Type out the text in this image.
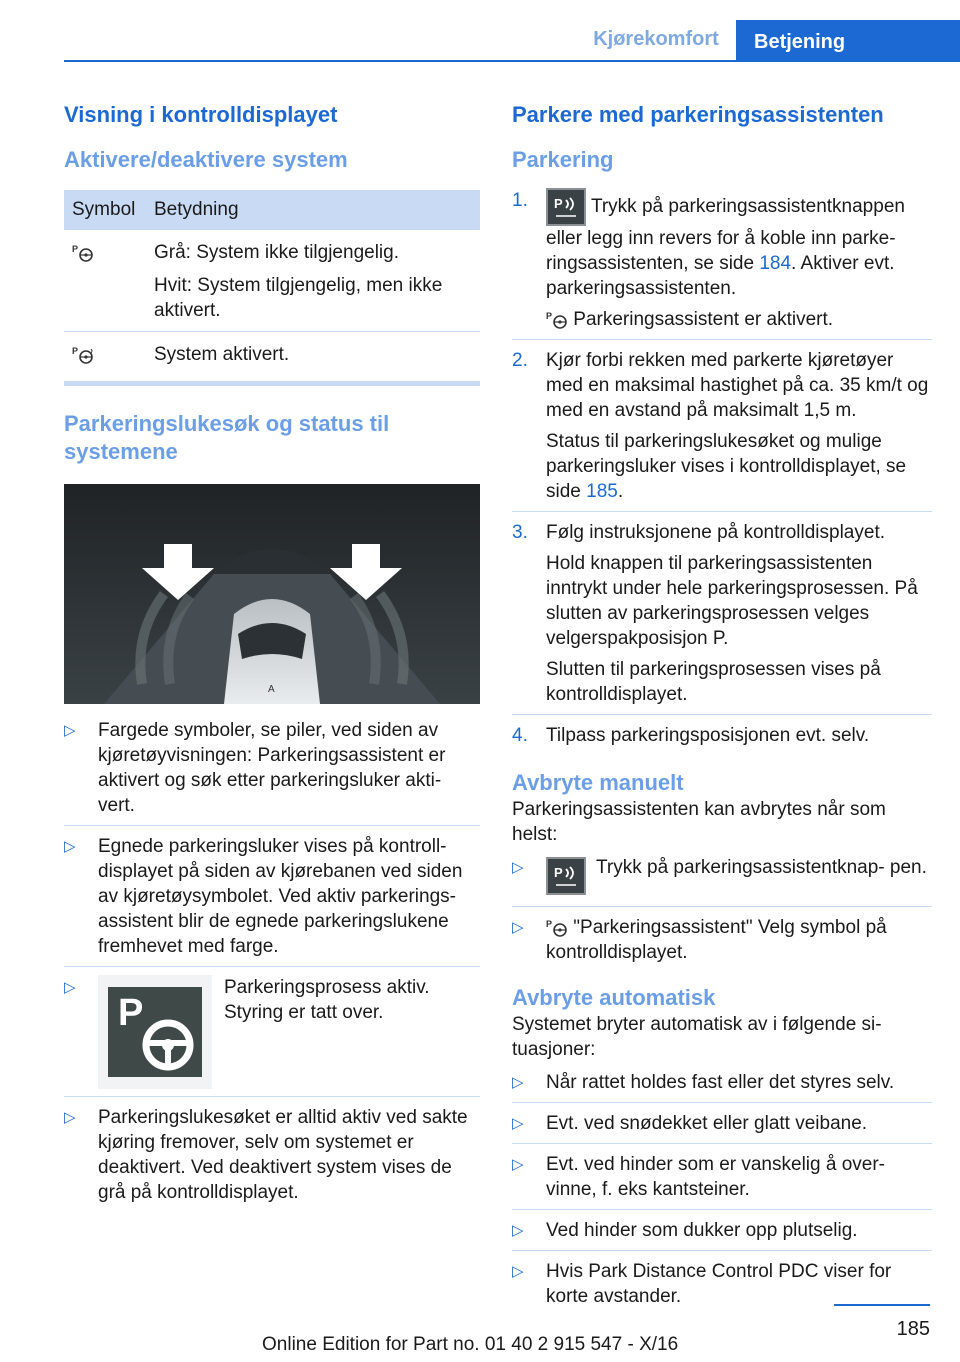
Kjørekomfort	Betjening
Visning i kontrolldisplayet
Aktivere/deaktivere system
Symbol	Betydning

P	Grå: System ikke tilgjengelig.

Hvit: System tilgjengelig, men ikke aktivert.

P	System aktivert.
Parkeringslukesøk og status til systemene
A
▷ Fargede symboler, se piler, ved siden av kjøretøyvisningen: Parkeringsassistent er aktivert og søk etter parkeringsluker akti‐ vert.
▷ Egnede parkeringsluker vises på kontroll‐ displayet på siden av kjørebanen ved siden av kjøretøysymbolet. Ved aktiv parkerings‐ assistent blir de egnede parkeringslukene fremhevet med farge.
▷
P
Parkeringsprosess aktiv. Styring er tatt over.
▷ Parkeringslukesøket er alltid aktiv ved sakte kjøring fremover, selv om systemet er deaktivert. Ved deaktivert system vises de grå på kontrolldisplayet.
Parkere med parkeringsassistenten
Parkering
1. P Trykk på parkeringsassistentknappen eller legg inn revers for å koble inn parke‐ ringsassistenten, se side 184. Aktiver evt. parkeringsassistenten.

P Parkeringsassistent er aktivert.

2. Kjør forbi rekken med parkerte kjøretøyer med en maksimal hastighet på ca. 35 km/t og med en avstand på maksimalt 1,5 m.

Status til parkeringslukesøket og mulige parkeringsluker vises i kontrolldisplayet, se side 185.

3. Følg instruksjonene på kontrolldisplayet.

Hold knappen til parkeringsassistenten inntrykt under hele parkeringsprosessen. På slutten av parkeringsprosessen velges velgerspakposisjon P.

Slutten til parkeringsprosessen vises på kontrolldisplayet.

4. Tilpass parkeringsposisjonen evt. selv.
Avbryte manuelt

Parkeringsassistenten kan avbrytes når som helst:

▷ P	Trykk på parkeringsassistentknap‐ pen.
▷ P "Parkeringsassistent" Velg symbol på kontrolldisplayet.
Avbryte automatisk

Systemet bryter automatisk av i følgende si‐ tuasjoner:

▷ Når rattet holdes fast eller det styres selv.
▷ Evt. ved snødekket eller glatt veibane.
▷ Evt. ved hinder som er vanskelig å over‐ vinne, f. eks kantsteiner.
▷ Ved hinder som dukker opp plutselig.
▷ Hvis Park Distance Control PDC viser for korte avstander.
185
Online Edition for Part no. 01 40 2 915 547 - X/16
